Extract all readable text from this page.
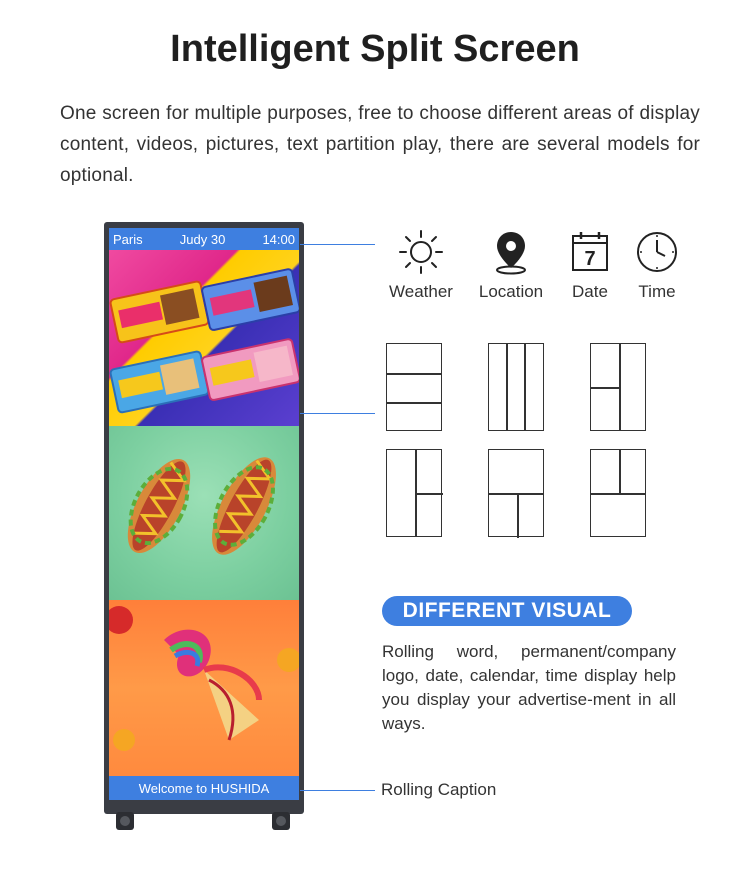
Intelligent Split Screen

One screen for multiple purposes, free to choose different areas of display content, videos, pictures, text partition play, there are several models for optional.

Paris	Judy 30	14:00
Welcome to HUSHIDA
Weather	Location
7
Date	Time
DIFFERENT VISUAL

Rolling word, permanent/company logo, date, calendar, time display help you display your advertise-ment in all ways.

Rolling Caption
